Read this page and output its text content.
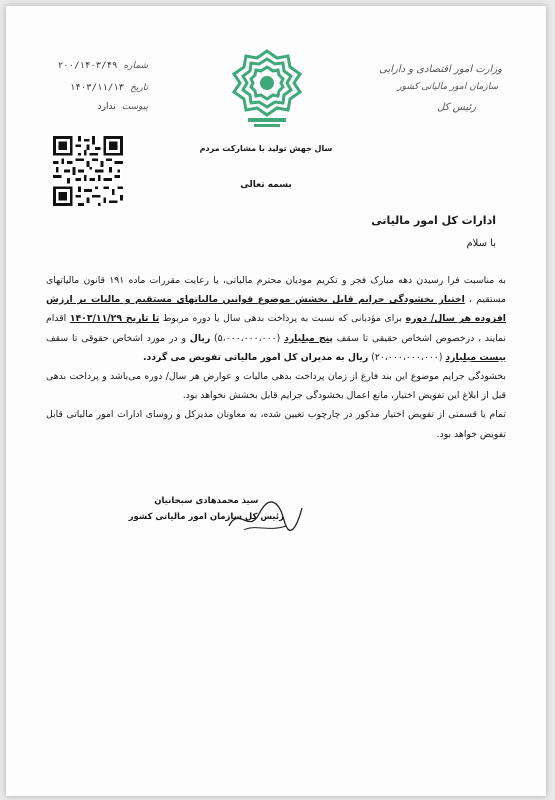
وزارت امور اقتصادی و دارایی
سازمان امور مالیاتی کشور
رئیس کل
شماره
۲۰۰/۱۴۰۳/۴۹
تاریخ
۱۴۰۳/۱۱/۱۳
پیوست
ندارد
سال جهش تولید با مشارکت مردم
بسمه تعالی
ادارات کل امور مالیاتی
با سلام

به مناسبت فرا رسیدن دهه مبارک فجر و تکریم مودیان محترم مالیاتی، با رعایت مقررات ماده ۱۹۱ قانون مالیاتهای مستقیم ، اختیار بخشودگی جرایم قابل بخشش موضوع قوانین مالیاتهای مستقیم و مالیات بر ارزش افزوده هر سال/ دوره برای مؤدیانی که نسبت به پرداخت بدهی سال یا دوره مربوط تا تاریخ ۱۴۰۳/۱۱/۲۹ اقدام نمایند ، درخصوص اشخاص حقیقی تا سقف پنج میلیارد (۵،۰۰۰،۰۰۰،۰۰۰) ریال و در مورد اشخاص حقوقی تا سقف بیست میلیارد (۲۰،۰۰۰،۰۰۰،۰۰۰) ریال به مدیران کل امور مالیاتی تفویض می گردد.

بخشودگی جرایم موضوع این بند فارغ از زمان پرداخت بدهی مالیات و عوارض هر سال/ دوره می‌باشد و پرداخت بدهی قبل از ابلاغ این تفویض اختیار، مانع اعمال بخشودگی جرایم قابل بخشش نخواهد بود.

تمام یا قسمتی از تفویض اختیار مذکور در چارچوب تعیین شده، به معاونان مدیرکل و روسای ادارات امور مالیاتی قابل تفویض خواهد بود.

سید محمدهادی سبحانیان
رئیس کل سازمان امور مالیاتی کشور
